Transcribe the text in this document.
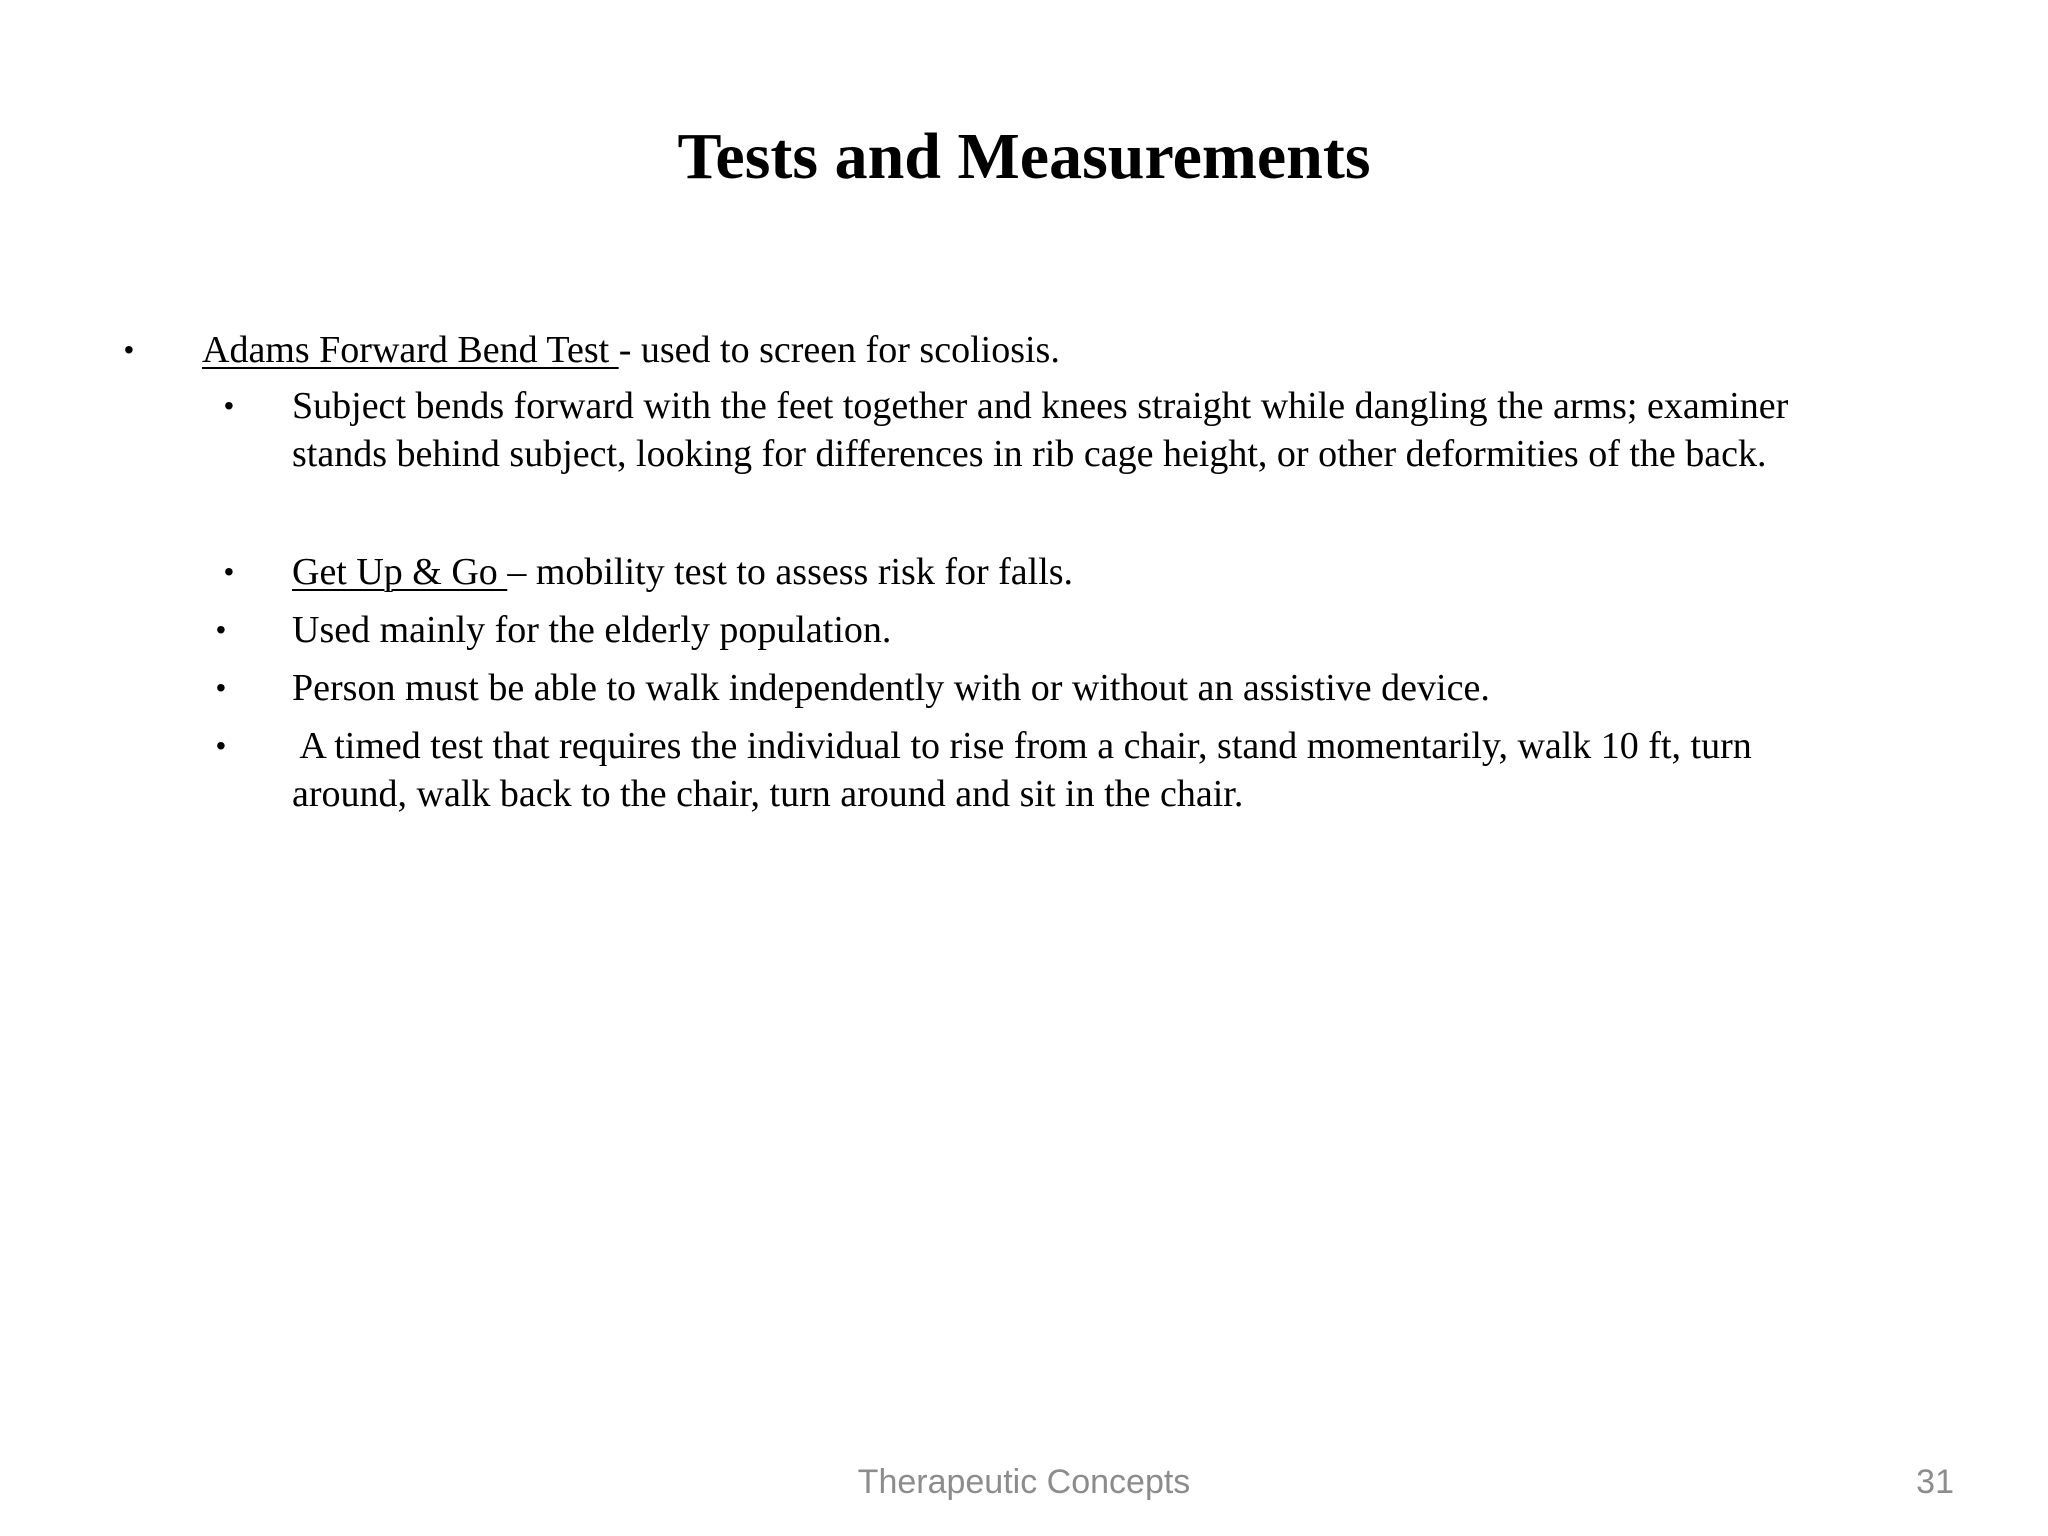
Tests and Measurements
• Adams Forward Bend Test - used to screen for scoliosis.
• Subject bends forward with the feet together and knees straight while dangling the arms; examiner
stands behind subject, looking for differences in rib cage height, or other deformities of the back.
• Get Up & Go – mobility test to assess risk for falls.
• Used mainly for the elderly population.
• Person must be able to walk independently with or without an assistive device.
• A timed test that requires the individual to rise from a chair, stand momentarily, walk 10 ft, turn
around, walk back to the chair, turn around and sit in the chair.
Therapeutic Concepts	31
